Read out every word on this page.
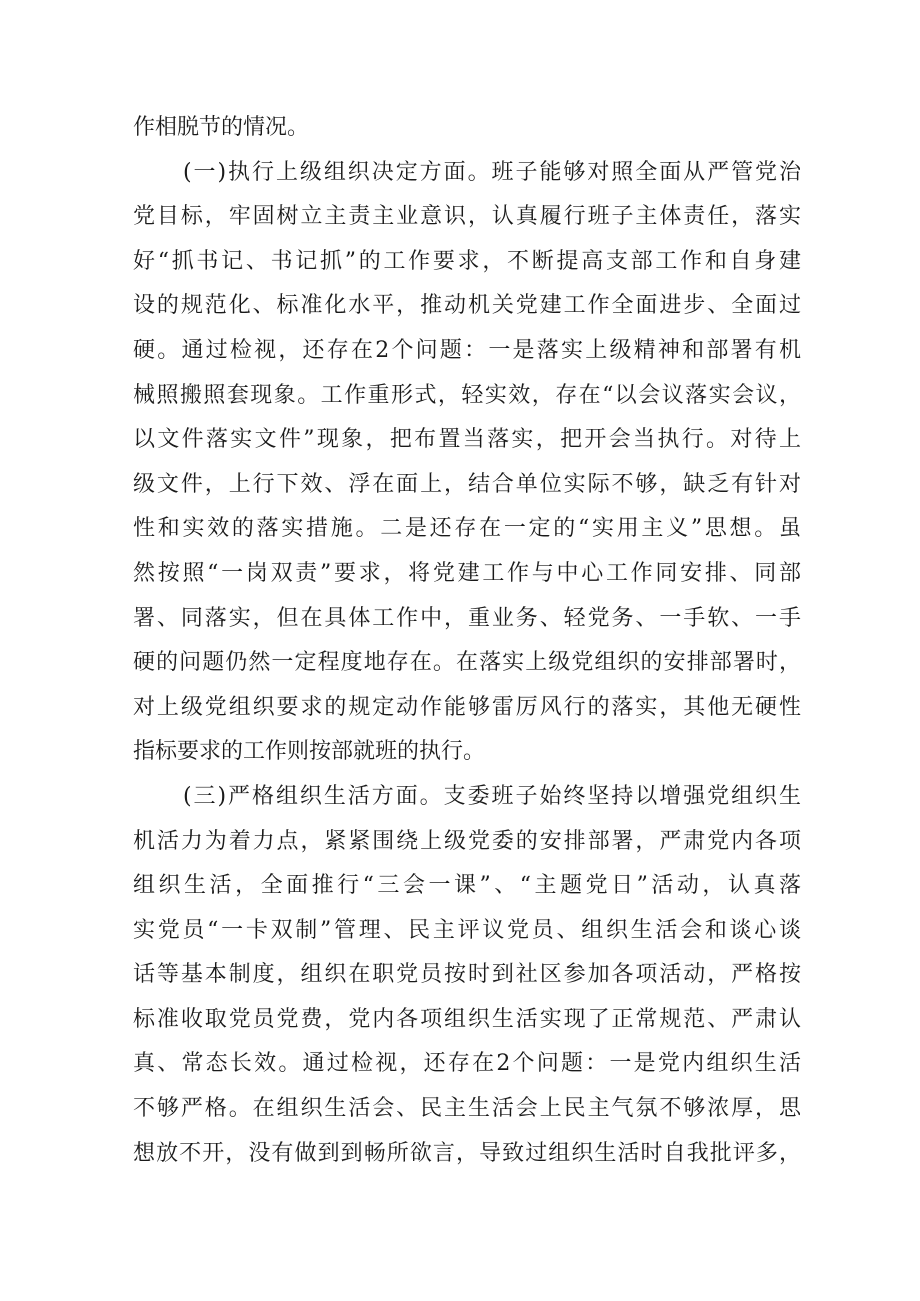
作相脱节的情况。
(一)执行上级组织决定方面。班子能够对照全面从严管党治
党目标，牢固树立主责主业意识，认真履行班子主体责任，落实
好“抓书记、书记抓”的工作要求，不断提高支部工作和自身建
设的规范化、标准化水平，推动机关党建工作全面进步、全面过
硬。通过检视，还存在2个问题：一是落实上级精神和部署有机
械照搬照套现象。工作重形式，轻实效，存在“以会议落实会议，
以文件落实文件”现象，把布置当落实，把开会当执行。对待上
级文件，上行下效、浮在面上，结合单位实际不够，缺乏有针对
性和实效的落实措施。二是还存在一定的“实用主义”思想。虽
然按照“一岗双责”要求，将党建工作与中心工作同安排、同部
署、同落实，但在具体工作中，重业务、轻党务、一手软、一手
硬的问题仍然一定程度地存在。在落实上级党组织的安排部署时，
对上级党组织要求的规定动作能够雷厉风行的落实，其他无硬性
指标要求的工作则按部就班的执行。
(三)严格组织生活方面。支委班子始终坚持以增强党组织生
机活力为着力点，紧紧围绕上级党委的安排部署，严肃党内各项
组织生活，全面推行“三会一课”、“主题党日”活动，认真落
实党员“一卡双制”管理、民主评议党员、组织生活会和谈心谈
话等基本制度，组织在职党员按时到社区参加各项活动，严格按
标准收取党员党费，党内各项组织生活实现了正常规范、严肃认
真、常态长效。通过检视，还存在2个问题：一是党内组织生活
不够严格。在组织生活会、民主生活会上民主气氛不够浓厚，思
想放不开，没有做到到畅所欲言，导致过组织生活时自我批评多，
